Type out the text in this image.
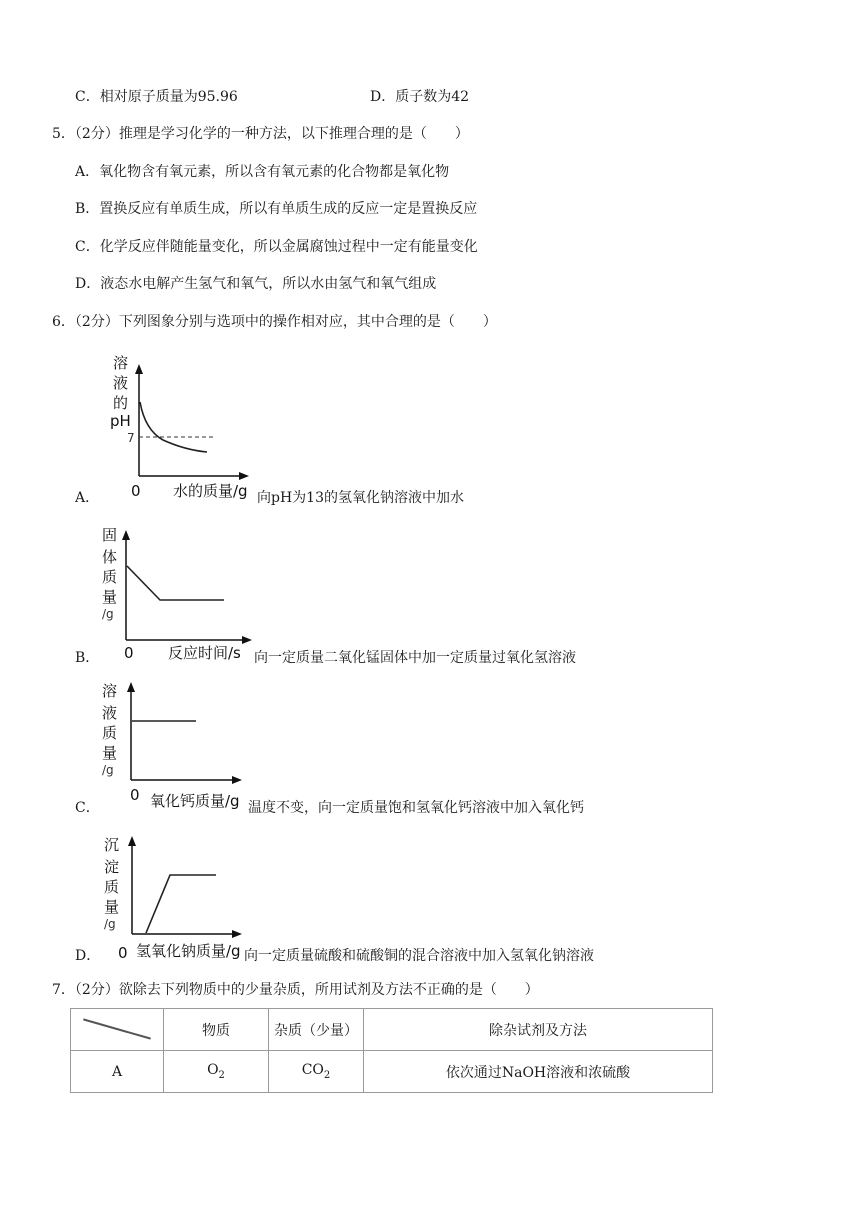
C．相对原子质量为95.96	D．质子数为42
5．（2分）推理是学习化学的一种方法，以下推理合理的是（　　）
A．氧化物含有氧元素，所以含有氧元素的化合物都是氧化物
B．置换反应有单质生成，所以有单质生成的反应一定是置换反应
C．化学反应伴随能量变化，所以金属腐蚀过程中一定有能量变化
D．液态水电解产生氢气和氧气，所以水由氢气和氧气组成
6．（2分）下列图象分别与选项中的操作相对应，其中合理的是（　　）
A．
溶
液
的
pH
7
0 水的质量/g 向pH为13的氢氧化钠溶液中加水
B．
固
体
质
量
/g
0 反应时间/s 向一定质量二氧化锰固体中加一定质量过氧化氢溶液
C．
溶
液
质
量
/g
0 氧化钙质量/g 温度不变，向一定质量饱和氢氧化钙溶液中加入氧化钙
D．
沉
淀
质
量
/g
0 氢氧化钠质量/g 向一定质量硫酸和硫酸铜的混合溶液中加入氢氧化钠溶液
7．（2分）欲除去下列物质中的少量杂质，所用试剂及方法不正确的是（　　）
	物质	杂质（少量）	除杂试剂及方法
A	$O_2$	$CO_2$	依次通过NaOH溶液和浓硫酸
